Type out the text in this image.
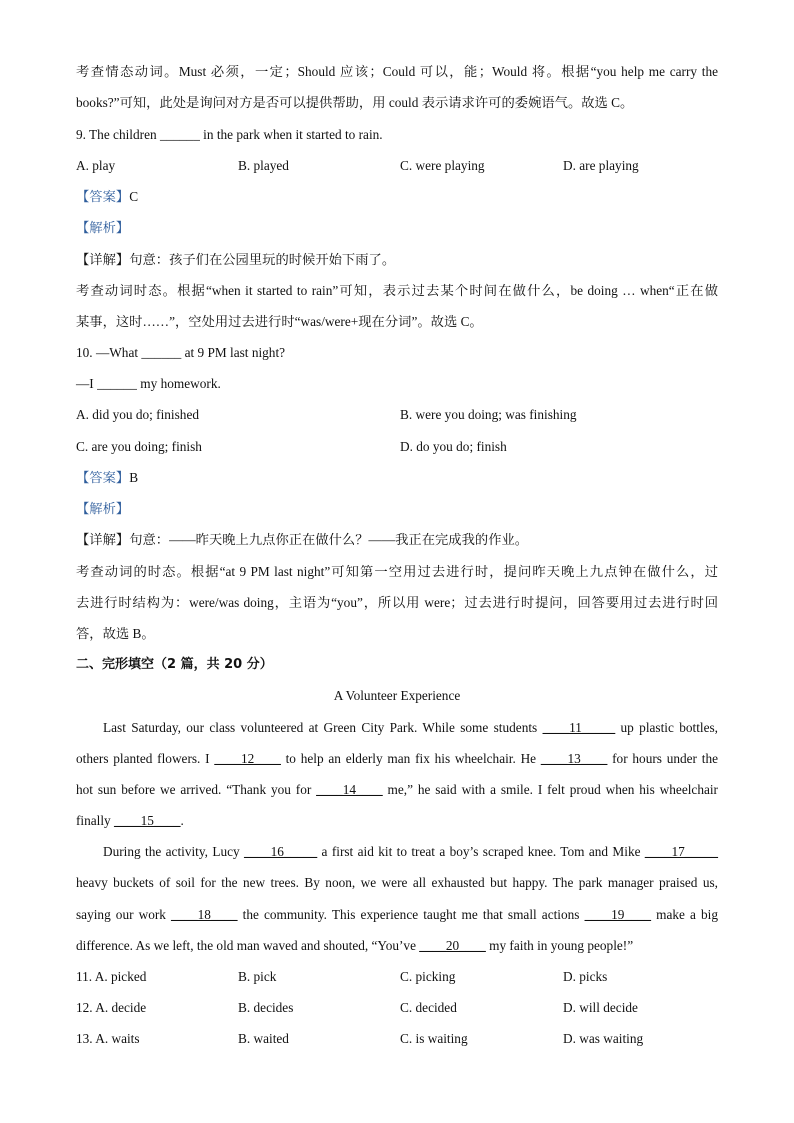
考查情态动词。Must 必须，一定；Should 应该；Could 可以，能；Would 将。根据“you help me carry the
books?”可知，此处是询问对方是否可以提供帮助，用 could 表示请求许可的委婉语气。故选 C。
9. The children ______ in the park when it started to rain.
A. play	B. played	C. were playing	D. are playing
【答案】C
【解析】
【详解】句意：孩子们在公园里玩的时候开始下雨了。
考查动词时态。根据“when it started to rain”可知，表示过去某个时间在做什么，be doing … when“正在做
某事，这时……”，空处用过去进行时“was/were+现在分词”。故选 C。
10. —What ______ at 9 PM last night?
—I ______ my homework.
A. did you do; finished	B. were you doing; was finishing
C. are you doing; finish	D. do you do; finish
【答案】B
【解析】
【详解】句意：——昨天晚上九点你正在做什么？——我正在完成我的作业。
考查动词的时态。根据“at 9 PM last night”可知第一空用过去进行时，提问昨天晚上九点钟在做什么，过
去进行时结构为：were/was doing，主语为“you”，所以用 were；过去进行时提问，回答要用过去进行时回
答，故选 B。
二、完形填空（2 篇，共 20 分）
A Volunteer Experience
Last Saturday, our class volunteered at Green City Park. While some students ____11_____ up plastic bottles,
others planted flowers. I ____12____ to help an elderly man fix his wheelchair. He ____13____ for hours under the
hot sun before we arrived. “Thank you for ____14____ me,” he said with a smile. I felt proud when his wheelchair
finally ____15____.
During the activity, Lucy ____16_____ a first aid kit to treat a boy’s scraped knee. Tom and Mike ____17_____
heavy buckets of soil for the new trees. By noon, we were all exhausted but happy. The park manager praised us,
saying our work ____18____ the community. This experience taught me that small actions ____19____ make a big
difference. As we left, the old man waved and shouted, “You’ve ____20____ my faith in young people!”
11. A. picked	B. pick	C. picking	D. picks
12. A. decide	B. decides	C. decided	D. will decide
13. A. waits	B. waited	C. is waiting	D. was waiting
